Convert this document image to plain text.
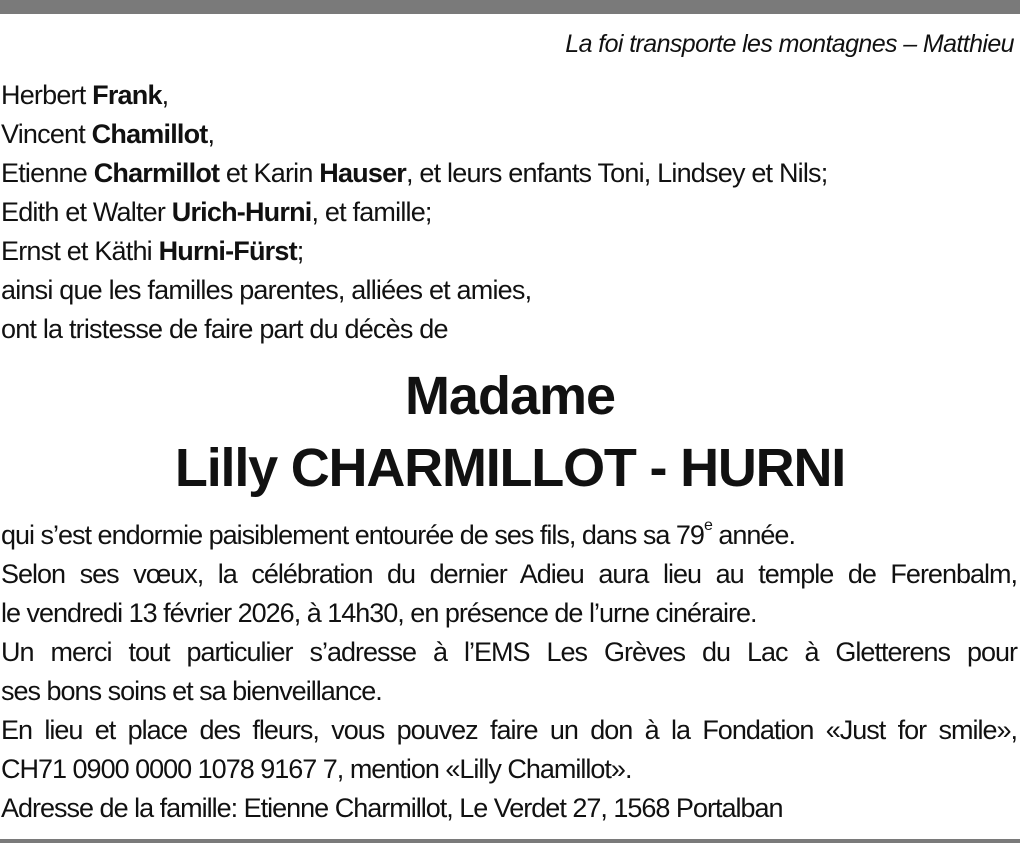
La foi transporte les montagnes – Matthieu
Herbert Frank,
Vincent Chamillot,
Etienne Charmillot et Karin Hauser, et leurs enfants Toni, Lindsey et Nils;
Edith et Walter Urich-Hurni, et famille;
Ernst et Käthi Hurni-Fürst;
ainsi que les familles parentes, alliées et amies,
ont la tristesse de faire part du décès de
Madame
Lilly CHARMILLOT - HURNI
qui s’est endormie paisiblement entourée de ses fils, dans sa 79e année.
Selon ses vœux, la célébration du dernier Adieu aura lieu au temple de Ferenbalm,
le vendredi 13 février 2026, à 14h30, en présence de l’urne cinéraire.
Un merci tout particulier s’adresse à l’EMS Les Grèves du Lac à Gletterens pour
ses bons soins et sa bienveillance.
En lieu et place des fleurs, vous pouvez faire un don à la Fondation «Just for smile»,
CH71 0900 0000 1078 9167 7, mention «Lilly Chamillot».
Adresse de la famille: Etienne Charmillot, Le Verdet 27, 1568 Portalban
